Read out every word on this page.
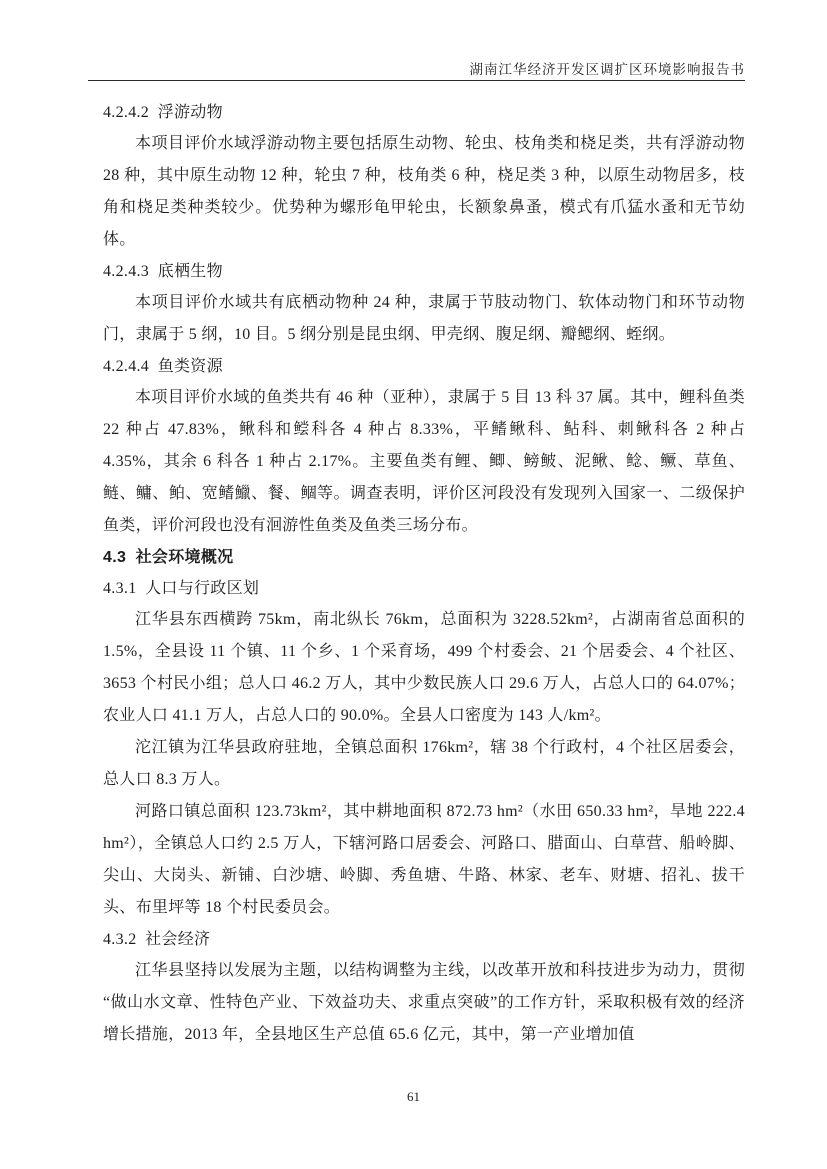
湖南江华经济开发区调扩区环境影响报告书
4.2.4.2  浮游动物

本项目评价水域浮游动物主要包括原生动物、轮虫、枝角类和桡足类，共有浮游动物 28 种，其中原生动物 12 种，轮虫 7 种，枝角类 6 种，桡足类 3 种，以原生动物居多，枝角和桡足类种类较少。优势种为螺形龟甲轮虫，长额象鼻蚤，模式有爪猛水蚤和无节幼体。

4.2.4.3  底栖生物

本项目评价水域共有底栖动物种 24 种，隶属于节肢动物门、软体动物门和环节动物门，隶属于 5 纲，10 目。5 纲分别是昆虫纲、甲壳纲、腹足纲、瓣鳃纲、蛭纲。

4.2.4.4  鱼类资源

本项目评价水域的鱼类共有 46 种（亚种），隶属于 5 目 13 科 37 属。其中，鲤科鱼类 22 种占 47.83%，鳅科和鲿科各 4 种占 8.33%，平鳍鳅科、鲇科、刺鳅科各 2 种占 4.35%，其余 6 科各 1 种占 2.17%。主要鱼类有鲤、鲫、鳑鲏、泥鳅、鲶、鳜、草鱼、鲢、鳙、鲌、宽鳍鱲、餐、鲴等。调查表明，评价区河段没有发现列入国家一、二级保护鱼类，评价河段也没有洄游性鱼类及鱼类三场分布。

4.3  社会环境概况
4.3.1  人口与行政区划

江华县东西横跨 75km，南北纵长 76km，总面积为 3228.52km²，占湖南省总面积的 1.5%，全县设 11 个镇、11 个乡、1 个采育场，499 个村委会、21 个居委会、4 个社区、3653 个村民小组；总人口 46.2 万人，其中少数民族人口 29.6 万人，占总人口的 64.07%；农业人口 41.1 万人，占总人口的 90.0%。全县人口密度为 143 人/km²。

沱江镇为江华县政府驻地，全镇总面积 176km²，辖 38 个行政村，4 个社区居委会，总人口 8.3 万人。

河路口镇总面积 123.73km²，其中耕地面积 872.73 hm²（水田 650.33 hm²，旱地 222.4 hm²），全镇总人口约 2.5 万人，下辖河路口居委会、河路口、腊面山、白草营、船岭脚、尖山、大岗头、新铺、白沙塘、岭脚、秀鱼塘、牛路、林家、老车、财塘、招礼、拔干头、布里坪等 18 个村民委员会。

4.3.2  社会经济

江华县坚持以发展为主题，以结构调整为主线，以改革开放和科技进步为动力，贯彻“做山水文章、性特色产业、下效益功夫、求重点突破”的工作方针，采取积极有效的经济增长措施，2013 年，全县地区生产总值 65.6 亿元，其中，第一产业增加值

61
